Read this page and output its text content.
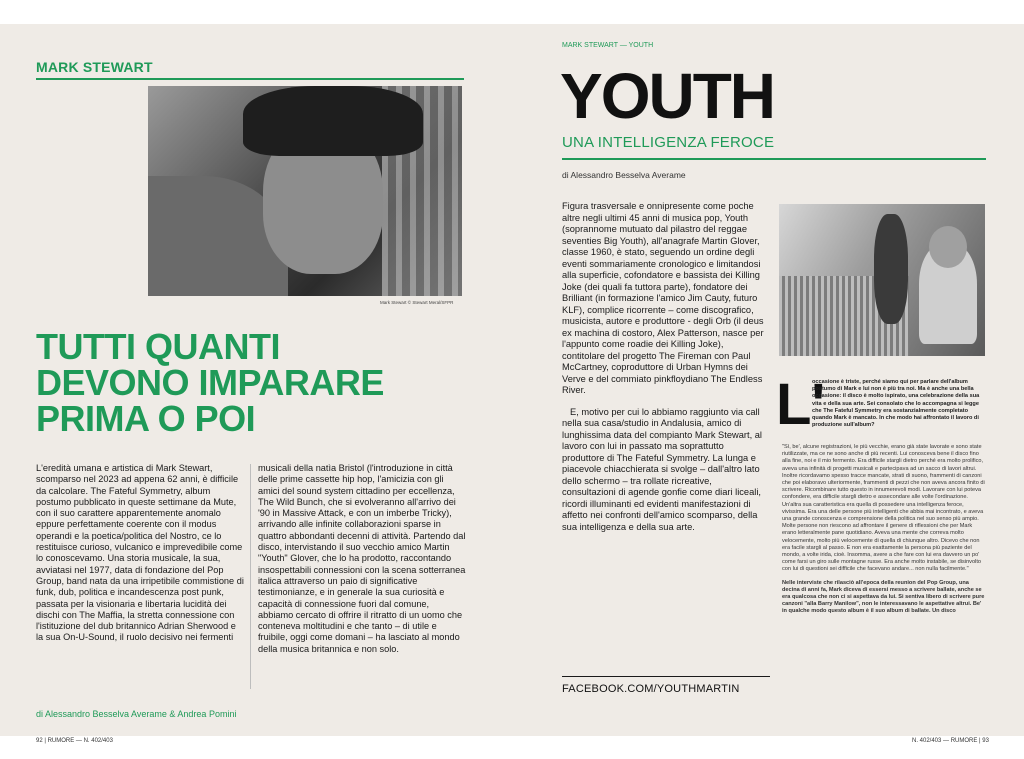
MARK STEWART
Mark Stewart © Stewart Meral/SFPR
TUTTI QUANTI
DEVONO IMPARARE
PRIMA O POI
L'eredità umana e artistica di Mark Stewart, scomparso nel 2023 ad appena 62 anni, è difficile da calcolare. The Fateful Symmetry, album postumo pubblicato in queste settimane da Mute, con il suo carattere apparentemente anomalo eppure perfettamente coerente con il modus operandi e la poetica/politica del Nostro, ce lo restituisce curioso, vulcanico e imprevedibile come lo conoscevamo. Una storia musicale, la sua, avviatasi nel 1977, data di fondazione del Pop Group, band nata da una irripetibile commistione di funk, dub, politica e incandescenza post punk, passata per la visionaria e libertaria lucidità dei dischi con The Maffia, la stretta connessione con l'istituzione del dub britannico Adrian Sherwood e la sua On-U-Sound, il ruolo decisivo nei fermenti
musicali della natìa Bristol (l'introduzione in città delle prime cassette hip hop, l'amicizia con gli amici del sound system cittadino per eccellenza, The Wild Bunch, che si evolveranno all'arrivo dei '90 in Massive Attack, e con un imberbe Tricky), arrivando alle infinite collaborazioni sparse in quattro abbondanti decenni di attività. Partendo dal disco, intervistando il suo vecchio amico Martin "Youth" Glover, che lo ha prodotto, raccontando insospettabili connessioni con la scena sotterranea italica attraverso un paio di significative testimonianze, e in generale la sua curiosità e capacità di connessione fuori dal comune, abbiamo cercato di offrire il ritratto di un uomo che conteneva moltitudini e che tanto – di utile e fruibile, oggi come domani – ha lasciato al mondo della musica britannica e non solo.
di Alessandro Besselva Averame & Andrea Pomini
92 | RUMORE — N. 402/403
MARK STEWART — YOUTH
YOUTH
UNA INTELLIGENZA FEROCE
di Alessandro Besselva Averame

Figura trasversale e onnipresente come poche altre negli ultimi 45 anni di musica pop, Youth (soprannome mutuato dal pilastro del reggae seventies Big Youth), all'anagrafe Martin Glover, classe 1960, è stato, seguendo un ordine degli eventi sommariamente cronologico e limitandosi alla superficie, cofondatore e bassista dei Killing Joke (dei quali fa tuttora parte), fondatore dei Brilliant (in formazione l'amico Jim Cauty, futuro KLF), complice ricorrente – come discografico, musicista, autore e produttore - degli Orb (il deus ex machina di costoro, Alex Patterson, nasce per l'appunto come roadie dei Killing Joke), contitolare del progetto The Fireman con Paul McCartney, coproduttore di Urban Hymns dei Verve e del commiato pinkfloydiano The Endless River.

E, motivo per cui lo abbiamo raggiunto via call nella sua casa/studio in Andalusia, amico di lunghissima data del compianto Mark Stewart, al lavoro con lui in passato ma soprattutto produttore di The Fateful Symmetry. La lunga e piacevole chiacchierata si svolge – dall'altro lato dello schermo – tra rollate ricreative, consultazioni di agende gonfie come diari liceali, ricordi illuminanti ed evidenti manifestazioni di affetto nei confronti dell'amico scomparso, della sua intelligenza e della sua arte.

FACEBOOK.COM/YOUTHMARTIN
L'
occasione è triste, perché siamo qui per parlare dell'album postumo di Mark e lui non è più tra noi. Ma è anche una bella occasione: il disco è molto ispirato, una celebrazione della sua vita e della sua arte. Sei consolato che lo accompagna si legge che The Fateful Symmetry era sostanzialmente completato quando Mark è mancato. In che modo hai affrontato il lavoro di produzione sull'album?

"Sì, be', alcune registrazioni, le più vecchie, erano già state lavorate e sono state riutilizzate, ma ce ne sono anche di più recenti. Lui conosceva bene il disco fino alla fine, noi e il mio fermento. Era difficile stargli dietro perché era molto prolifico, aveva una infinità di progetti musicali e partecipava ad un sacco di lavori altrui. Inoltre ricordavamo spesso tracce mancate, strati di suono, frammenti di canzoni che poi elaboravo ulteriormente, frammenti di pezzi che non aveva ancora finito di scrivere. Ricombinare tutto questo in innumerevoli modi. Lavorare con lui poteva confondere, era difficile stargli dietro e assecondare alle volte l'ordinazione. Un'altra sua caratteristica era quella di possedere una intelligenza feroce, vivissima. Era una delle persone più intelligenti che abbia mai incontrato, e aveva una grande conoscenza e comprensione della politica nel suo senso più ampio. Molte persone non riescono ad affrontare il genere di riflessioni che per Mark erano letteralmente pane quotidiano. Aveva una mente che correva molto velocemente, molto più velocemente di quella di chiunque altro. Dicevo che non era facile stargli al passo. E non era esattamente la persona più paziente del mondo, a volte irida, cioè. Insomma, avere a che fare con lui era davvero un po' come farsi un giro sulle montagne russe. Era anche molto instabile, se disinvolto con lui di questioni sei difficile che facevano andare... non nulla facilmente."

Nelle interviste che rilasciò all'epoca della reunion del Pop Group, una decina di anni fa, Mark diceva di essersi messo a scrivere ballate, anche se era qualcosa che non ci si aspettava da lui. Si sentiva libero di scrivere pure canzoni "alla Barry Manilow", non le interessavano le aspettative altrui. Be' in qualche modo questo album è il suo album di ballate. Un disco

N. 402/403 — RUMORE | 93
